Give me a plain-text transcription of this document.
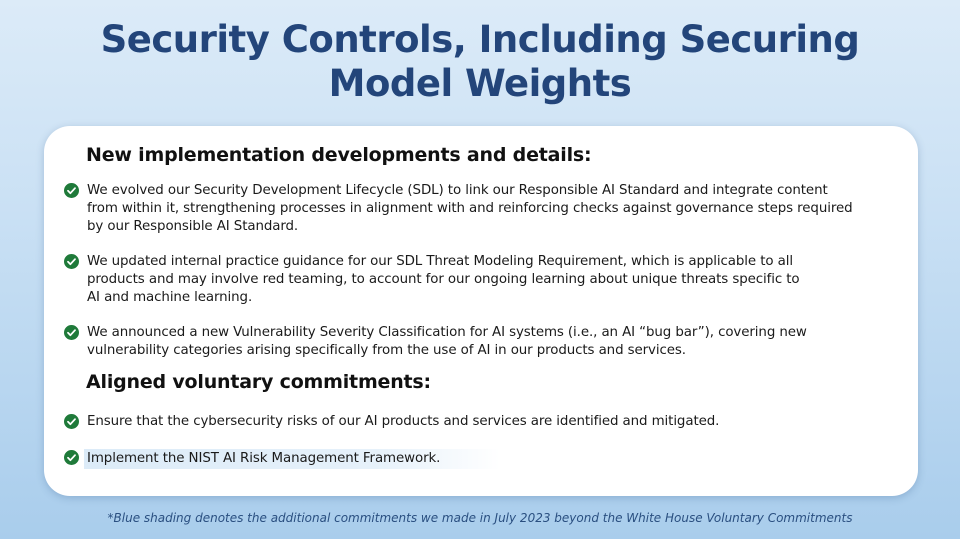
Security Controls, Including Securing
Model Weights
New implementation developments and details:
We evolved our Security Development Lifecycle (SDL) to link our Responsible AI Standard and integrate content
from within it, strengthening processes in alignment with and reinforcing checks against governance steps required
by our Responsible AI Standard.
We updated internal practice guidance for our SDL Threat Modeling Requirement, which is applicable to all
products and may involve red teaming, to account for our ongoing learning about unique threats specific to
AI and machine learning.
We announced a new Vulnerability Severity Classification for AI systems (i.e., an AI “bug bar”), covering new
vulnerability categories arising specifically from the use of AI in our products and services.
Aligned voluntary commitments:
Ensure that the cybersecurity risks of our AI products and services are identified and mitigated.
Implement the NIST AI Risk Management Framework.
*Blue shading denotes the additional commitments we made in July 2023 beyond the White House Voluntary Commitments
